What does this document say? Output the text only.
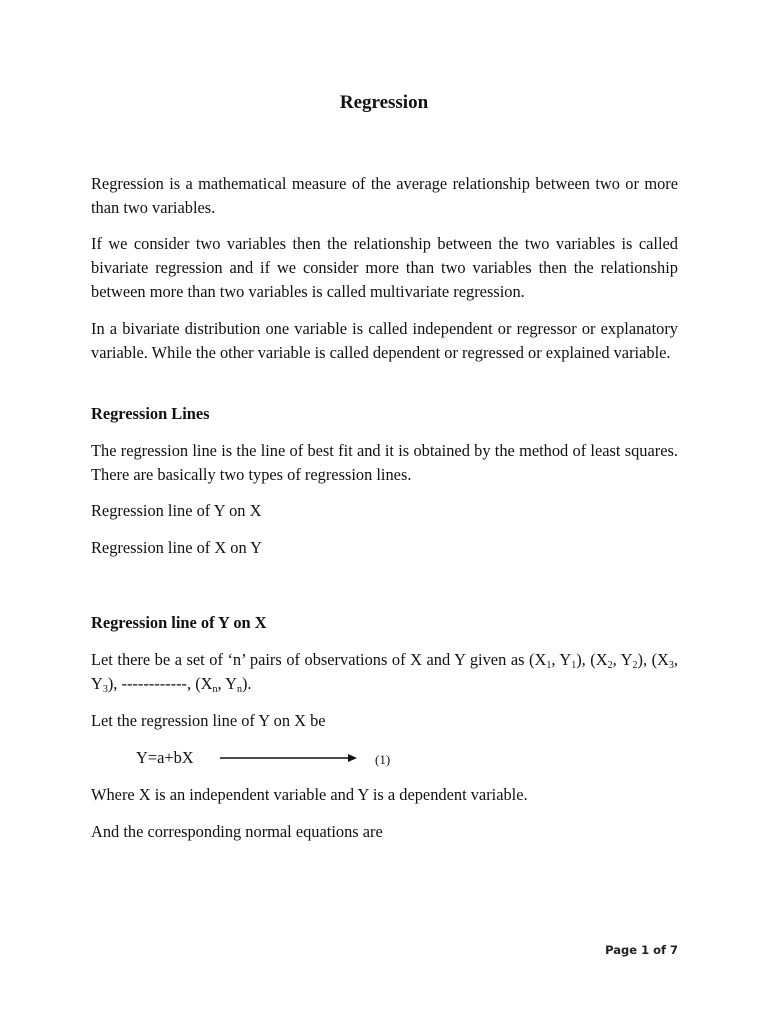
Regression

Regression is a mathematical measure of the average relationship between two or more than two variables.

If we consider two variables then the relationship between the two variables is called bivariate regression and if we consider more than two variables then the relationship between more than two variables is called multivariate regression.

In a bivariate distribution one variable is called independent or regressor or explanatory variable. While the other variable is called dependent or regressed or explained variable.

Regression Lines

The regression line is the line of best fit and it is obtained by the method of least squares. There are basically two types of regression lines.

Regression line of Y on X

Regression line of X on Y

Regression line of Y on X

Let there be a set of ‘n’ pairs of observations of X and Y given as ($X_1$, $Y_1$), ($X_2$, $Y_2$), ($X_3$, $Y_3$), ------------, ($X_n$, $Y_n$).

Let the regression line of Y on X be

Y=a+bX	(1)

Where X is an independent variable and Y is a dependent variable.

And the corresponding normal equations are

Page 1 of 7
